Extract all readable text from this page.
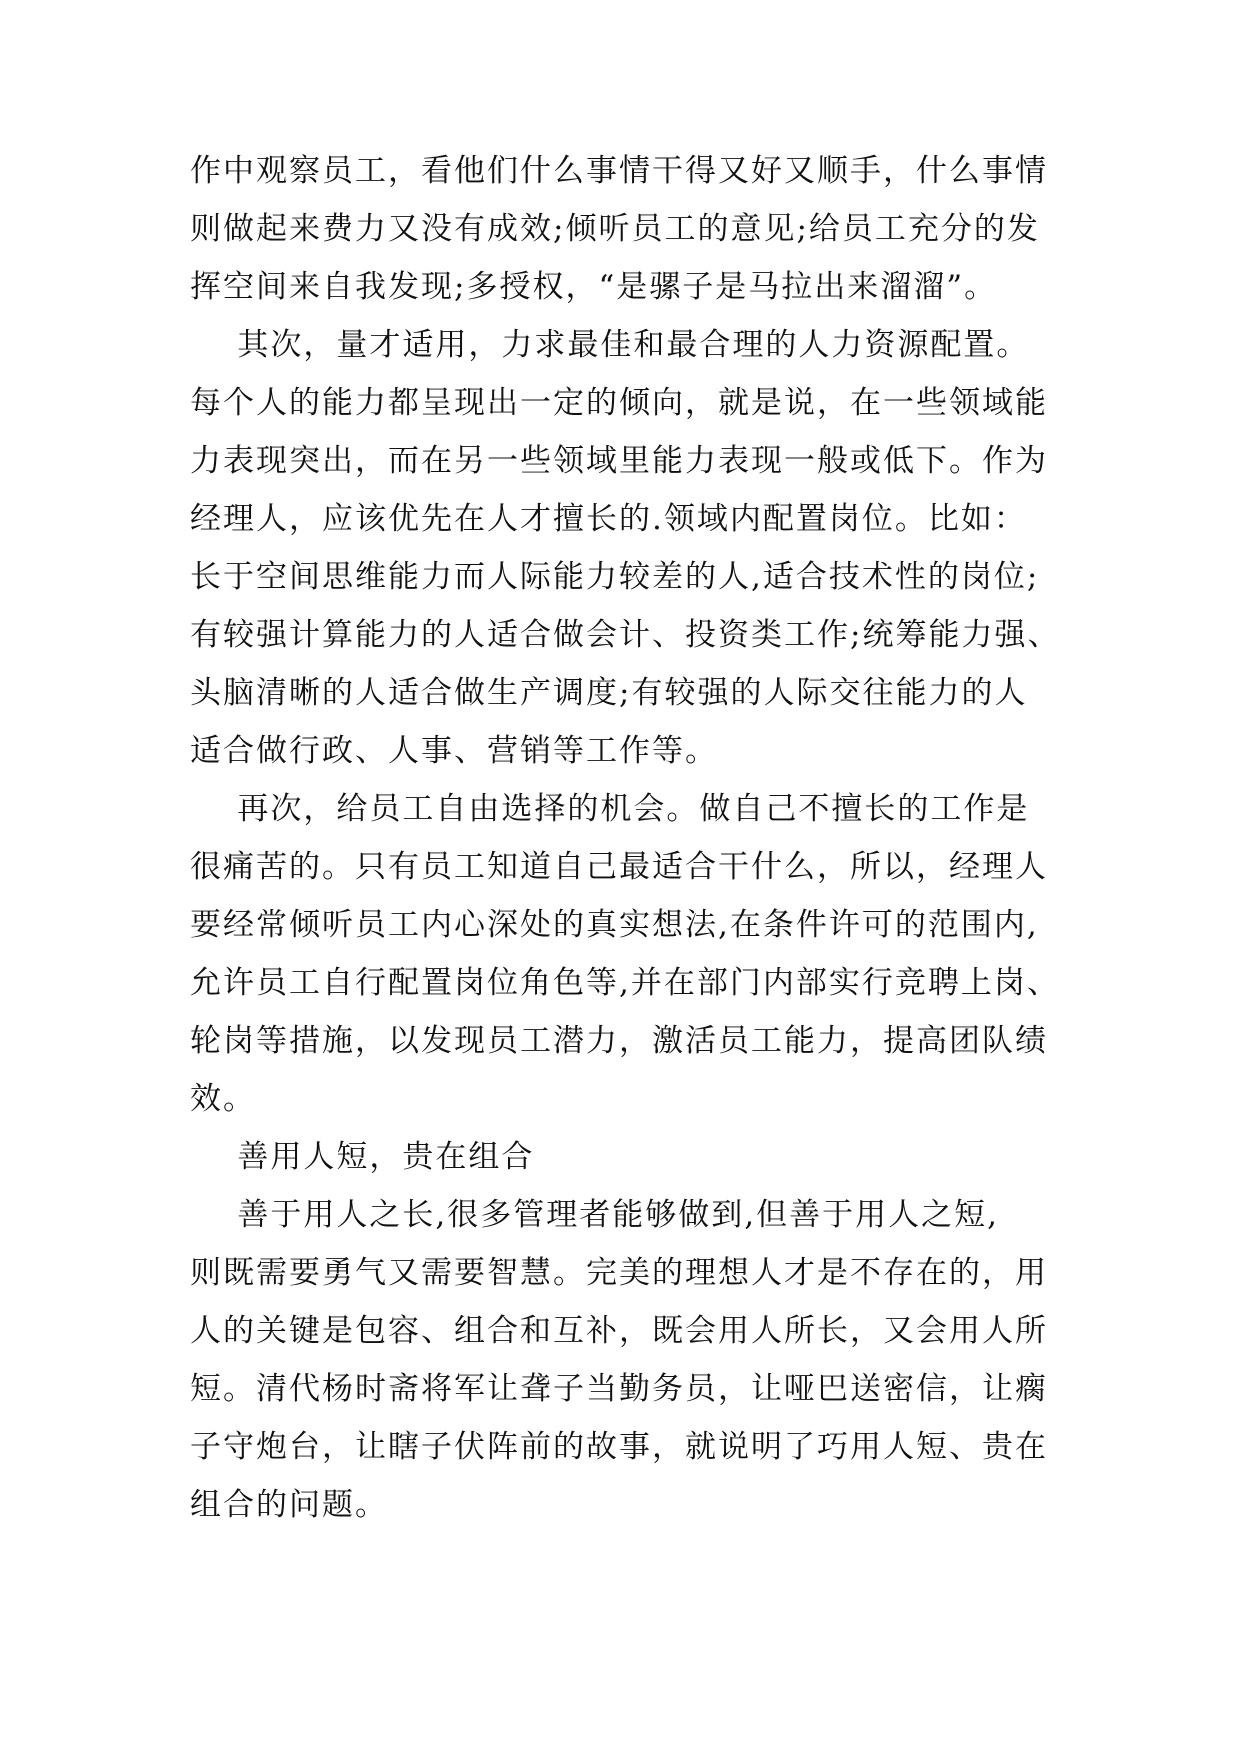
作中观察员工，看他们什么事情干得又好又顺手，什么事情
则做起来费力又没有成效;倾听员工的意见;给员工充分的发
挥空间来自我发现;多授权，“是骡子是马拉出来溜溜”。
其次，量才适用，力求最佳和最合理的人力资源配置。
每个人的能力都呈现出一定的倾向，就是说，在一些领域能
力表现突出，而在另一些领域里能力表现一般或低下。作为
经理人，应该优先在人才擅长的.领域内配置岗位。比如：
长于空间思维能力而人际能力较差的人,适合技术性的岗位;
有较强计算能力的人适合做会计、投资类工作;统筹能力强、
头脑清晰的人适合做生产调度;有较强的人际交往能力的人
适合做行政、人事、营销等工作等。
再次，给员工自由选择的机会。做自己不擅长的工作是
很痛苦的。只有员工知道自己最适合干什么，所以，经理人
要经常倾听员工内心深处的真实想法,在条件许可的范围内,
允许员工自行配置岗位角色等,并在部门内部实行竞聘上岗、
轮岗等措施，以发现员工潜力，激活员工能力，提高团队绩
效。
善用人短，贵在组合
善于用人之长,很多管理者能够做到,但善于用人之短,
则既需要勇气又需要智慧。完美的理想人才是不存在的，用
人的关键是包容、组合和互补，既会用人所长，又会用人所
短。清代杨时斋将军让聋子当勤务员，让哑巴送密信，让瘸
子守炮台，让瞎子伏阵前的故事，就说明了巧用人短、贵在
组合的问题。
